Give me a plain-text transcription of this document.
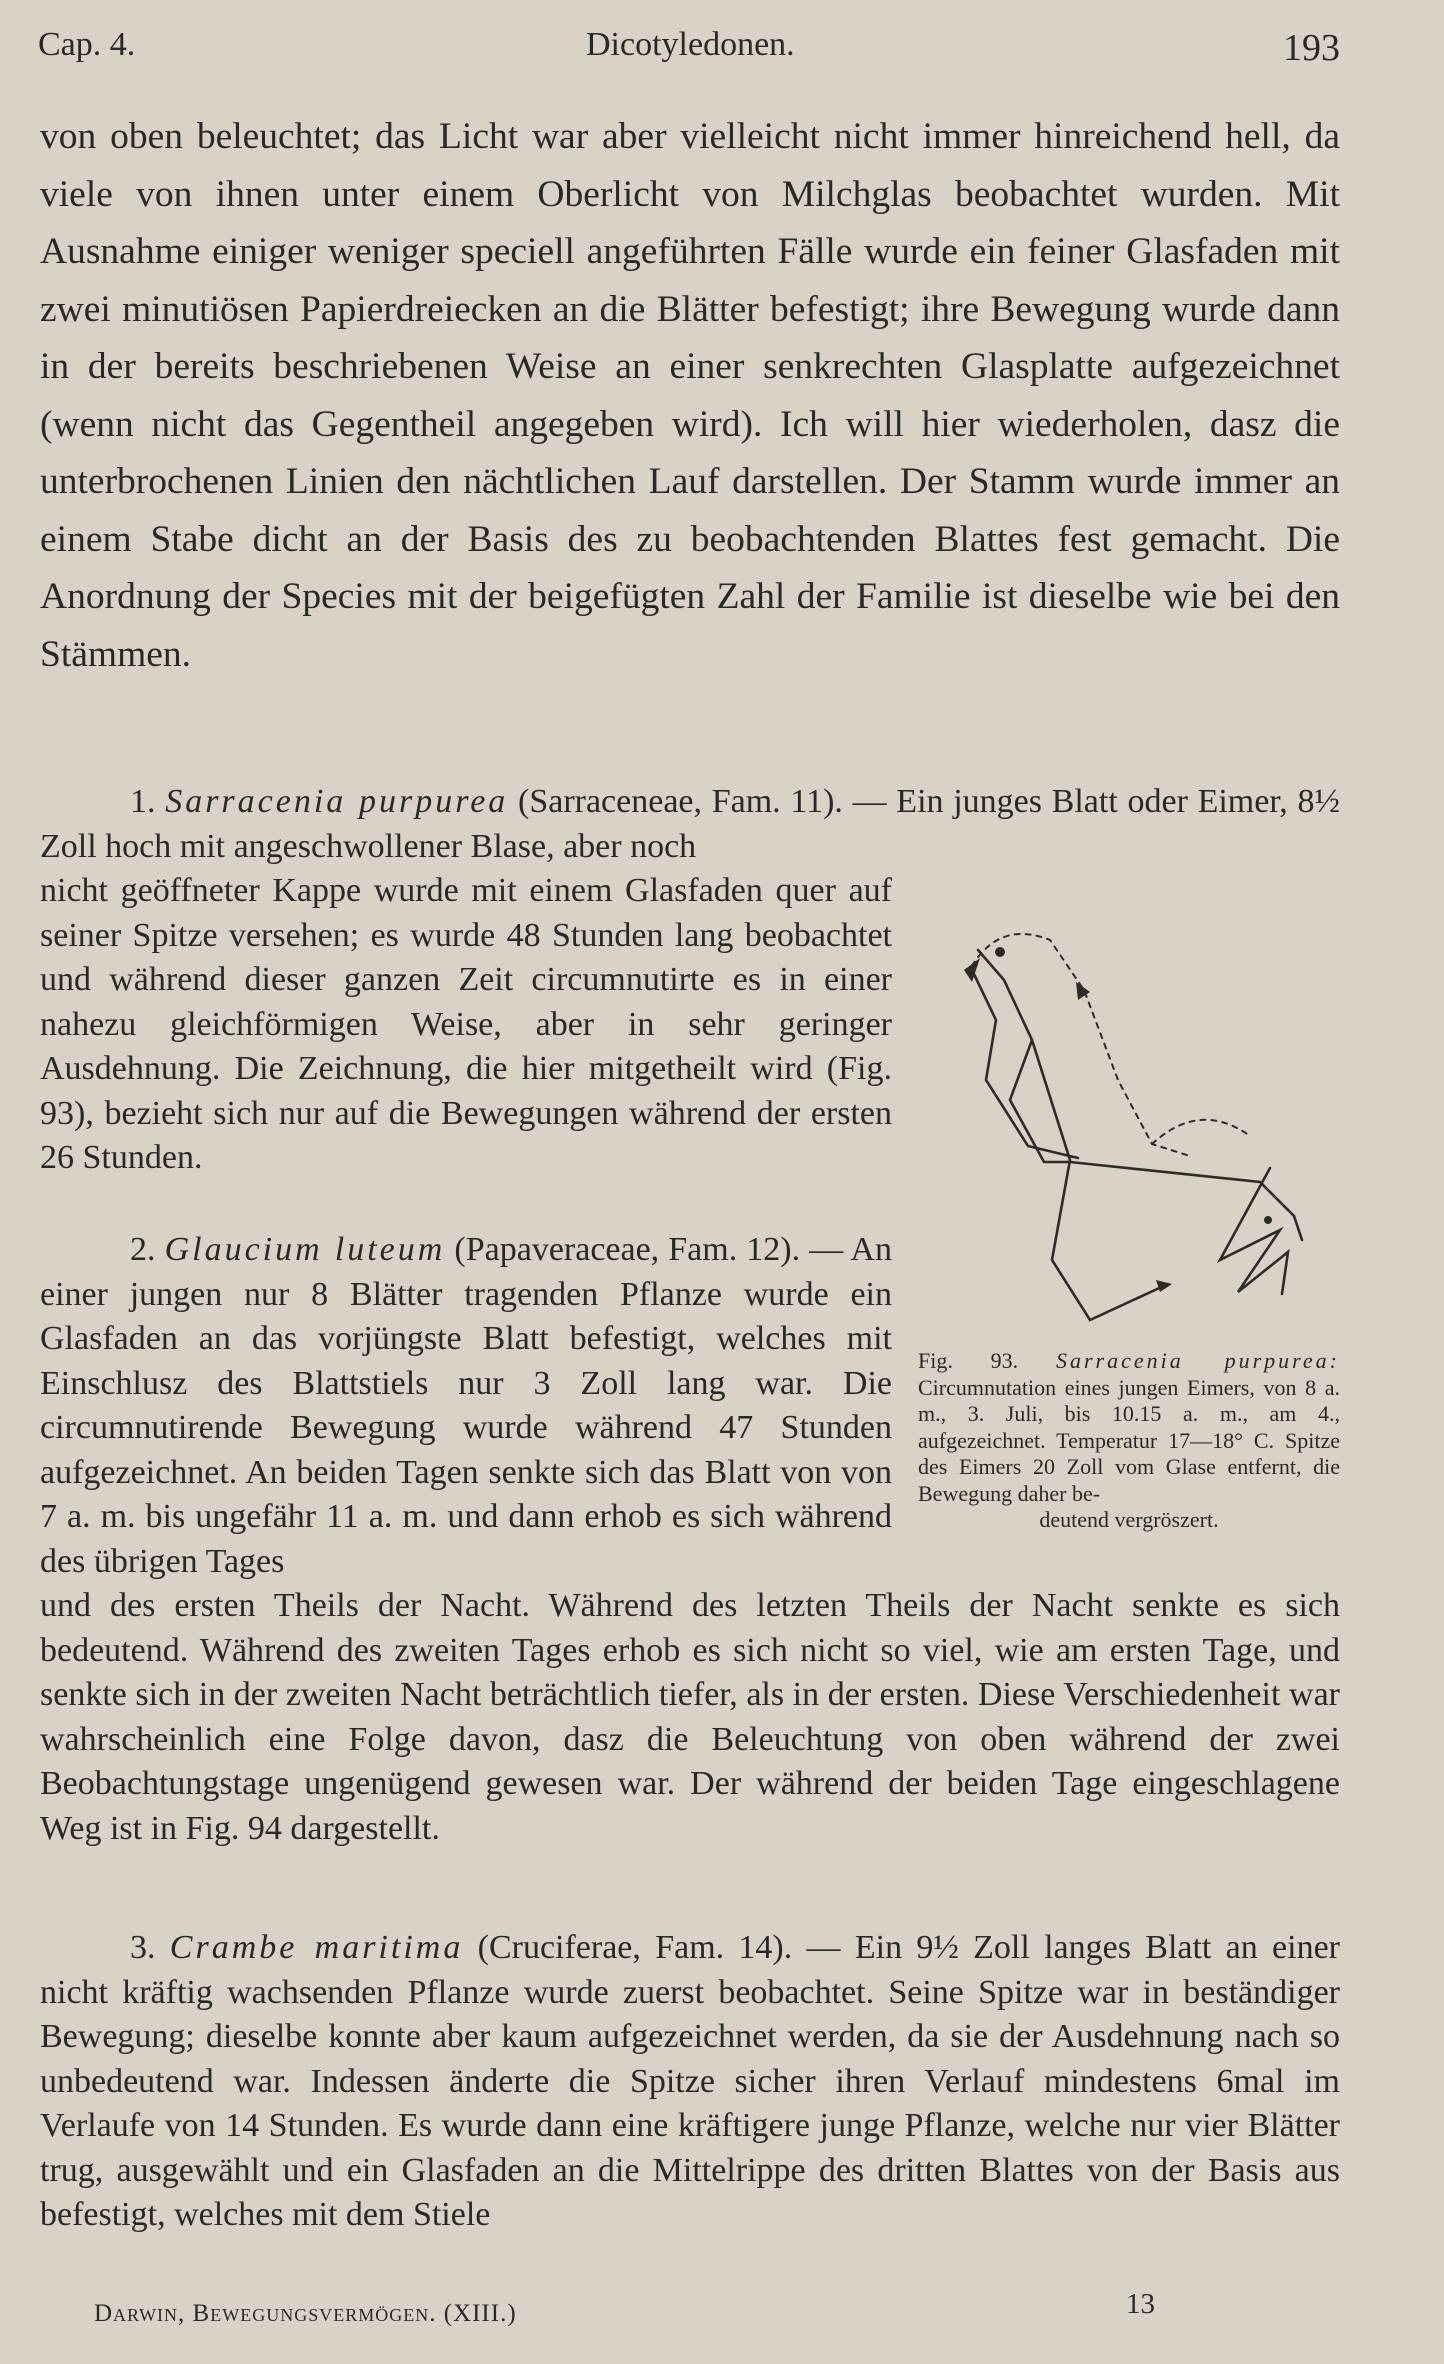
Cap. 4.	Dicotyledonen.	193

von oben beleuchtet; das Licht war aber vielleicht nicht immer hinreichend hell, da viele von ihnen unter einem Oberlicht von Milchglas beobachtet wurden. Mit Ausnahme einiger weniger speciell angeführten Fälle wurde ein feiner Glasfaden mit zwei minutiösen Papierdreiecken an die Blätter befestigt; ihre Bewegung wurde dann in der bereits beschriebenen Weise an einer senkrechten Glasplatte aufgezeichnet (wenn nicht das Gegentheil angegeben wird). Ich will hier wiederholen, dasz die unterbrochenen Linien den nächtlichen Lauf darstellen. Der Stamm wurde immer an einem Stabe dicht an der Basis des zu beobachtenden Blattes fest gemacht. Die Anordnung der Species mit der beigefügten Zahl der Familie ist dieselbe wie bei den Stämmen.

1. Sarracenia purpurea (Sarraceneae, Fam. 11). — Ein junges Blatt oder Eimer, 8½ Zoll hoch mit angeschwollener Blase, aber noch

nicht geöffneter Kappe wurde mit einem Glasfaden quer auf seiner Spitze versehen; es wurde 48 Stunden lang beobachtet und während dieser ganzen Zeit circumnutirte es in einer nahezu gleichförmigen Weise, aber in sehr geringer Ausdehnung. Die Zeichnung, die hier mitgetheilt wird (Fig. 93), bezieht sich nur auf die Bewegungen während der ersten 26 Stunden.

2. Glaucium luteum (Papaveraceae, Fam. 12). — An einer jungen nur 8 Blätter tragenden Pflanze wurde ein Glasfaden an das vorjüngste Blatt befestigt, welches mit Einschlusz des Blattstiels nur 3 Zoll lang war. Die circumnutirende Bewegung wurde während 47 Stunden aufgezeichnet. An beiden Tagen senkte sich das Blatt von von 7 a. m. bis ungefähr 11 a. m. und dann erhob es sich während des übrigen Tages

und des ersten Theils der Nacht. Während des letzten Theils der Nacht senkte es sich bedeutend. Während des zweiten Tages erhob es sich nicht so viel, wie am ersten Tage, und senkte sich in der zweiten Nacht beträchtlich tiefer, als in der ersten. Diese Verschiedenheit war wahrscheinlich eine Folge davon, dasz die Beleuchtung von oben während der zwei Beobachtungstage ungenügend gewesen war. Der während der beiden Tage eingeschlagene Weg ist in Fig. 94 dargestellt.

3. Crambe maritima (Cruciferae, Fam. 14). — Ein 9½ Zoll langes Blatt an einer nicht kräftig wachsenden Pflanze wurde zuerst beobachtet. Seine Spitze war in beständiger Bewegung; dieselbe konnte aber kaum aufgezeichnet werden, da sie der Ausdehnung nach so unbedeutend war. Indessen änderte die Spitze sicher ihren Verlauf mindestens 6mal im Verlaufe von 14 Stunden. Es wurde dann eine kräftigere junge Pflanze, welche nur vier Blätter trug, ausgewählt und ein Glasfaden an die Mittelrippe des dritten Blattes von der Basis aus befestigt, welches mit dem Stiele

Fig. 93. Sarracenia purpurea: Circumnutation eines jungen Eimers, von 8 a. m., 3. Juli, bis 10.15 a. m., am 4., aufgezeichnet. Temperatur 17—18° C. Spitze des Eimers 20 Zoll vom Glase entfernt, die Bewegung daher be-
deutend vergröszert.
Darwin, Bewegungsvermögen. (XIII.)	13
